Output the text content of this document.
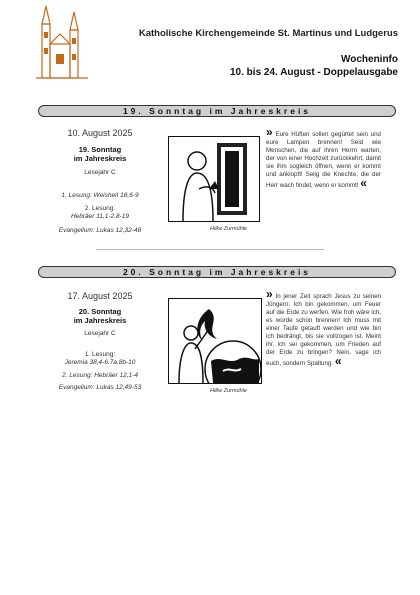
Katholische Kirchengemeinde St. Martinus und Ludgerus
Wocheninfo
10. bis 24. August - Doppelausgabe
19. Sonntag im Jahreskreis
10. August 2025
19. Sonntag
im Jahreskreis
Lesejahr C
1. Lesung: Weisheit 18,6-9
2. Lesung:
Hebräer 11,1-2.8-19
Evangelium: Lukas 12,32-48	Hilke Zurmühle
» Eure Hüften sollen gegürtet sein und eure Lampen brennen! Seid wie Menschen, die auf ihren Herrn warten, der von einer Hochzeit zurückkehrt, damit sie ihm sogleich öffnen, wenn er kommt und anklopft! Selig die Knechte, die der Herr wach findet, wenn er kommt! «
20. Sonntag im Jahreskreis
17. August 2025
20. Sonntag
im Jahreskreis
Lesejahr C
1. Lesung:
Jeremia 38,4-6.7a.8b-10
2. Lesung: Hebräer 12,1-4
Evangelium: Lukas 12,49-53	Hilke Zurmühle
» In jener Zeit sprach Jesus zu seinen Jüngern: Ich bin gekommen, um Feuer auf die Erde zu werfen. Wie froh wäre ich, es würde schon brennen! Ich muss mit einer Taufe getauft werden und wie bin ich bedrängt, bis sie vollzogen ist. Meint ihr, ich sei gekommen, um Frieden auf der Erde zu bringen? Nein, sage ich euch, sondern Spaltung. «
